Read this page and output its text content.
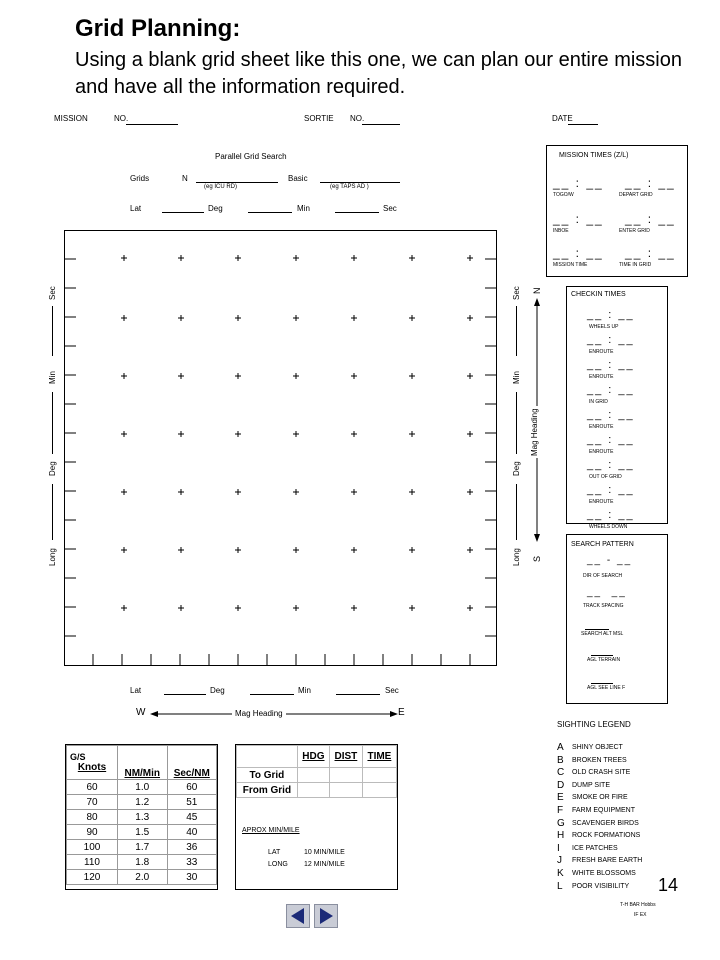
Grid Planning:
Using a blank grid sheet like this one, we can plan our entire mission and have all the information required.
MISSION	NO.	SORTIE NO.	DATE
Parallel Grid Search
Grids	N
(eg ICU RD)
Basic
(eg TAPS AD )
Lat	Deg	Min	Sec
Sec
Min
Deg
Long
Sec
Min
Deg
Long
N
Mag Heading
S
Lat	Deg	Min	Sec
W	Mag Heading	E
MISSION TIMES (Z/L)
__ : __    __ : __
TOGO/W	DEPART GRID
__ : __    __ : __
INBOE	ENTER GRID
__ : __    __ : __
MISSION TIME	TIME IN GRID
CHECKIN TIMES
__ : __
WHEELS UP
__ : __
ENROUTE
__ : __
ENROUTE
__ : __
IN GRID
__ : __
ENROUTE
__ : __
ENROUTE
__ : __
OUT OF GRID
__ : __
ENROUTE
__ : __
WHEELS DOWN
SEARCH PATTERN
__ - __
DIR OF SEARCH
__  __
TRACK SPACING
SEARCH ALT MSL
AGL TERRAIN
AGL SEE LINE F
SIGHTING LEGEND
A SHINY OBJECT
B BROKEN TREES
C OLD CRASH SITE
D DUMP SITE
E SMOKE OR FIRE
F FARM EQUIPMENT
G SCAVENGER BIRDS
H ROCK FORMATIONS
I ICE PATCHES
J FRESH BARE EARTH
K WHITE BLOSSOMS
L POOR VISIBILITY
T-H BAR Hobbs
IF EX
G/S
Knots	NM/Min	Sec/NM
60	1.0	60
70	1.2	51
80	1.3	45
90	1.5	40
100	1.7	36
110	1.8	33
120	2.0	30
	HDG	DIST	TIME
To Grid			
From Grid			
APROX MIN/MILE
LAT	10 MIN/MILE
LONG 12 MIN/MILE
14
